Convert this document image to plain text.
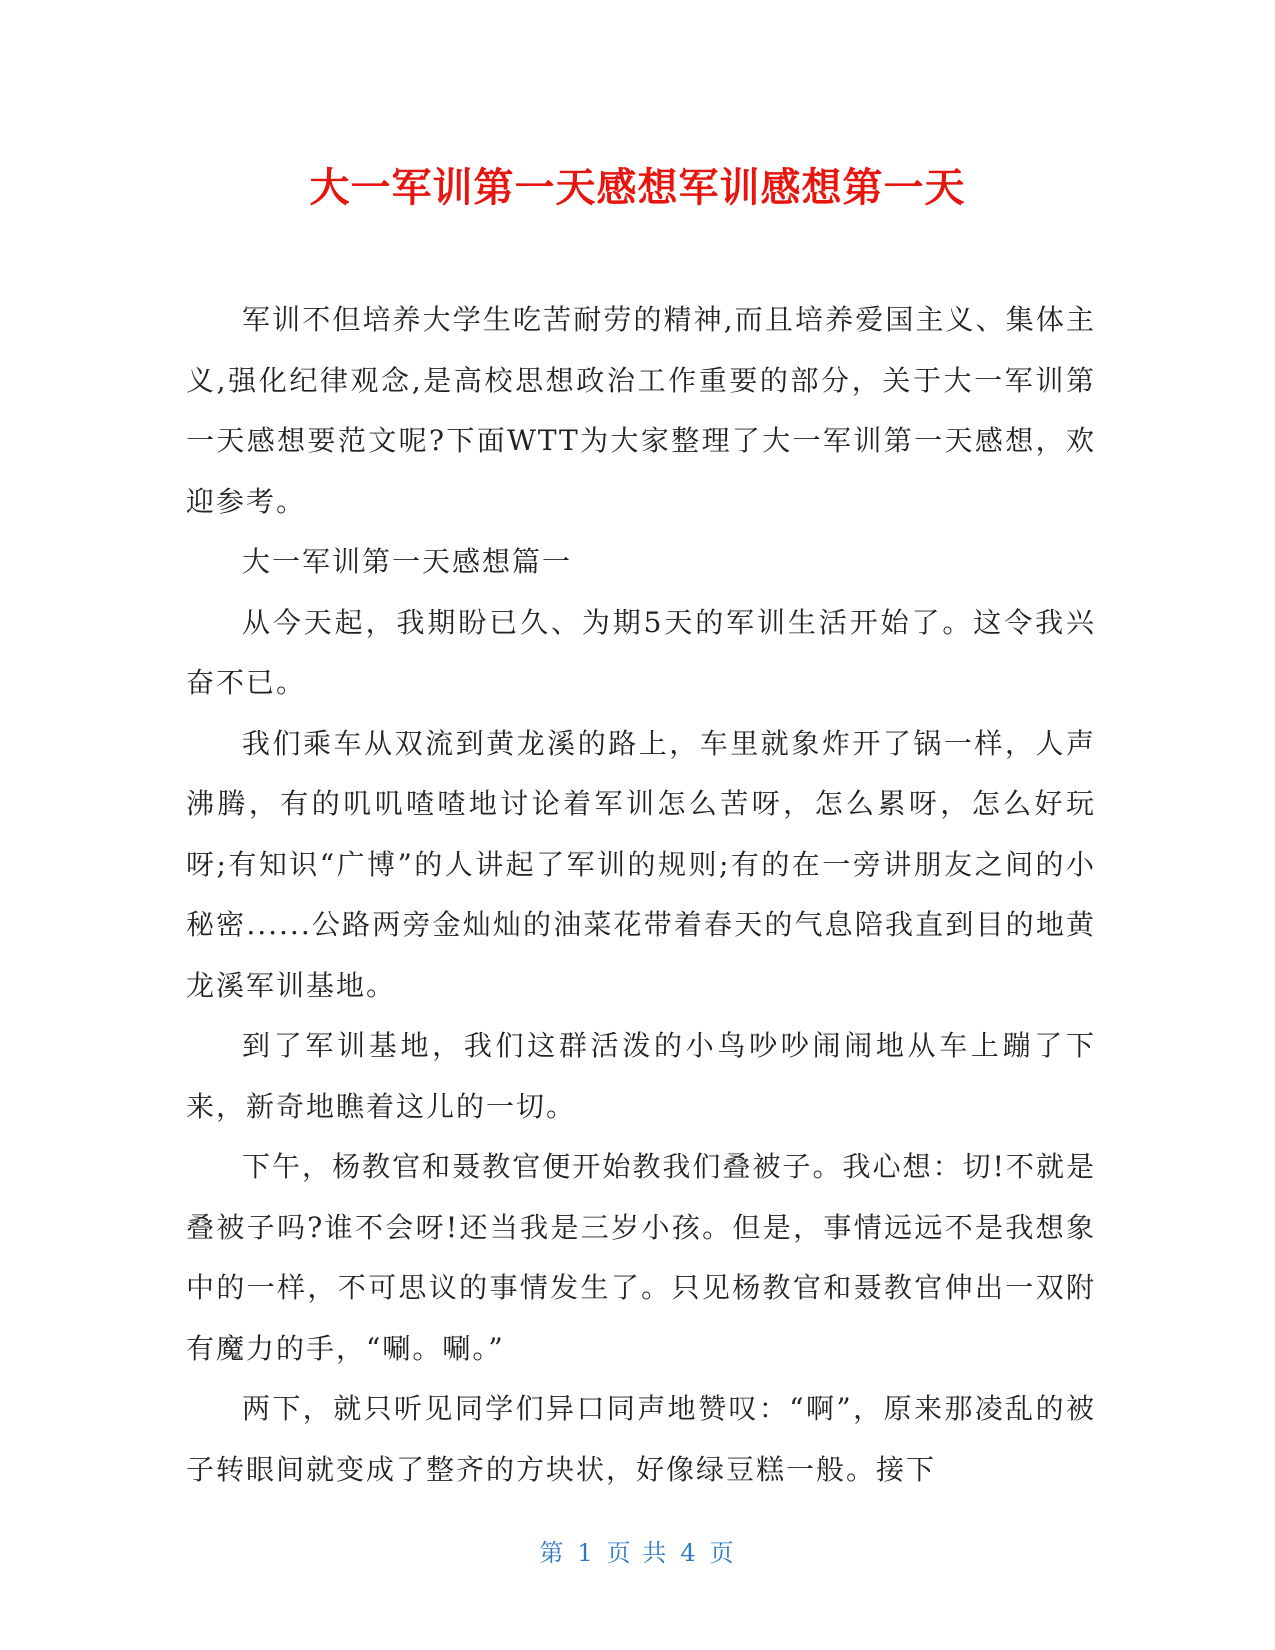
大一军训第一天感想军训感想第一天

军训不但培养大学生吃苦耐劳的精神,而且培养爱国主义、集体主义,强化纪律观念,是高校思想政治工作重要的部分，关于大一军训第一天感想要范文呢?下面WTT为大家整理了大一军训第一天感想，欢迎参考。

大一军训第一天感想篇一

从今天起，我期盼已久、为期5天的军训生活开始了。这令我兴奋不已。

我们乘车从双流到黄龙溪的路上，车里就象炸开了锅一样，人声沸腾，有的叽叽喳喳地讨论着军训怎么苦呀，怎么累呀，怎么好玩呀;有知识“广博”的人讲起了军训的规则;有的在一旁讲朋友之间的小秘密......公路两旁金灿灿的油菜花带着春天的气息陪我直到目的地黄龙溪军训基地。

到了军训基地，我们这群活泼的小鸟吵吵闹闹地从车上蹦了下来，新奇地瞧着这儿的一切。

下午，杨教官和聂教官便开始教我们叠被子。我心想：切!不就是叠被子吗?谁不会呀!还当我是三岁小孩。但是，事情远远不是我想象中的一样，不可思议的事情发生了。只见杨教官和聂教官伸出一双附有魔力的手，“唰。唰。”

两下，就只听见同学们异口同声地赞叹：“啊”，原来那凌乱的被子转眼间就变成了整齐的方块状，好像绿豆糕一般。接下

第 1 页 共 4 页
